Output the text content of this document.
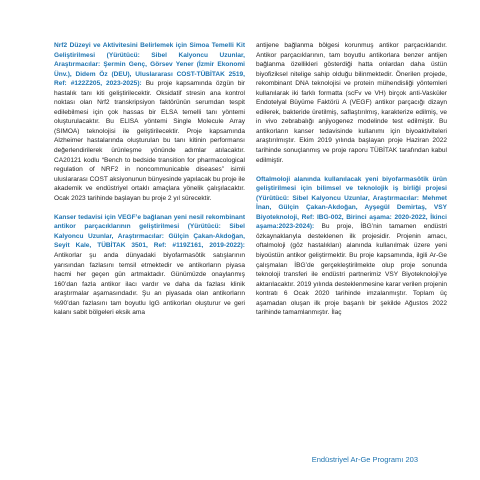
Nrf2 Düzeyi ve Aktivitesini Belirlemek için Simoa Temelli Kit Geliştirilmesi (Yürütücü: Sibel Kalyoncu Uzunlar, Araştırmacılar: Şermin Genç, Görsev Yener (İzmir Ekonomi Ünv.), Didem Öz (DEU), Uluslararası COST-TÜBİTAK 2519, Ref: #122Z205, 2023-2025): Bu proje kapsamında özgün bir hastalık tanı kiti geliştirilecektir. Oksidatif stresin ana kontrol noktası olan Nrf2 transkripsiyon faktörünün serumdan tespit edilebilmesi için çok hassas bir ELSA temelli tanı yöntemi oluşturulacaktır. Bu ELISA yöntemi Single Molecule Array (SIMOA) teknolojisi ile geliştirilecektir. Proje kapsamında Alzheimer hastalarında oluşturulan bu tanı kitinin performansı değerlendirilerek ürünleşme yönünde adımlar atılacaktır. CA20121 kodlu “Bench to bedside transition for pharmacological regulation of NRF2 in noncommunicable diseases” isimli uluslararası COST aksiyonunun bünyesinde yapılacak bu proje ile akademik ve endüstriyel ortaklı amaçlara yönelik çalışılacaktır. Ocak 2023 tarihinde başlayan bu proje 2 yıl sürecektir.

Kanser tedavisi için VEGF’e bağlanan yeni nesil rekombinant antikor parçacıklarının geliştirilmesi (Yürütücü: Sibel Kalyoncu Uzunlar, Araştırmacılar: Gülçin Çakan-Akdoğan, Seyit Kale, TÜBİTAK 3501, Ref: #119Z161, 2019-2022): Antikorlar şu anda dünyadaki biyofarmasötik satışlarının yarısından fazlasını temsil etmektedir ve antikorların piyasa hacmi her geçen gün artmaktadır. Günümüzde onaylanmış 160’dan fazla antikor ilacı vardır ve daha da fazlası klinik araştırmalar aşamasındadır. Şu an piyasada olan antikorların %90’dan fazlasını tam boyutlu IgG antikorları oluşturur ve geri kalanı sabit bölgeleri eksik ama

antijene bağlanma bölgesi korunmuş antikor parçacıklarıdır. Antikor parçacıklarının, tam boyutlu antikorlara benzer antijen bağlanma özellikleri gösterdiği hatta onlardan daha üstün biyofiziksel nitelige sahip olduğu bilinmektedir. Önerilen projede, rekombinant DNA teknolojisi ve protein mühendisliği yöntemleri kullanılarak iki farklı formatta (scFv ve VH) birçok anti-Vasküler Endotelyal Büyüme Faktörü A (VEGF) antikor parçacığı dizayn edilerek, bakteride üretilmiş, saflaştırılmış, karakterize edilmiş, ve in vivo zebrabalığı anjiyogenez modelinde test edilmiştir. Bu antikorların kanser tedavisinde kullanımı için biyoaktiviteleri araştırılmıştır. Ekim 2019 yılında başlayan proje Haziran 2022 tarihinde sonuçlanmış ve proje raporu TÜBİTAK tarafından kabul edilmiştir.

Oftalmoloji alanında kullanılacak yeni biyofarmasötik ürün geliştirilmesi için bilimsel ve teknolojik iş birliği projesi (Yürütücü: Sibel Kalyoncu Uzunlar, Araştırmacılar: Mehmet İnan, Gülçin Çakan-Akdoğan, Ayşegül Demirtaş, VSY Biyoteknoloji, Ref: IBG-002, Birinci aşama: 2020-2022, İkinci aşama:2023-2024): Bu proje, İBG’nin tamamen endüstri özkaynaklarıyla desteklenen ilk projesidir. Projenin amacı, oftalmoloji (göz hastalıkları) alanında kullanılmak üzere yeni biyoüstün antikor geliştirmektir. Bu proje kapsamında, ilgili Ar-Ge çalışmaları İBG’de gerçekleştirilmekte olup proje sonunda teknoloji transferi ile endüstri partnerimiz VSY Biyoteknoloji’ye aktarılacaktır. 2019 yılında desteklenmesine karar verilen projenin kontratı 6 Ocak 2020 tarihinde imzalanmıştır. Toplam üç aşamadan oluşan ilk proje başarılı bir şekilde Ağustos 2022 tarihinde tamamlanmıştır. İlaç

Endüstriyel Ar-Ge Programı 203
